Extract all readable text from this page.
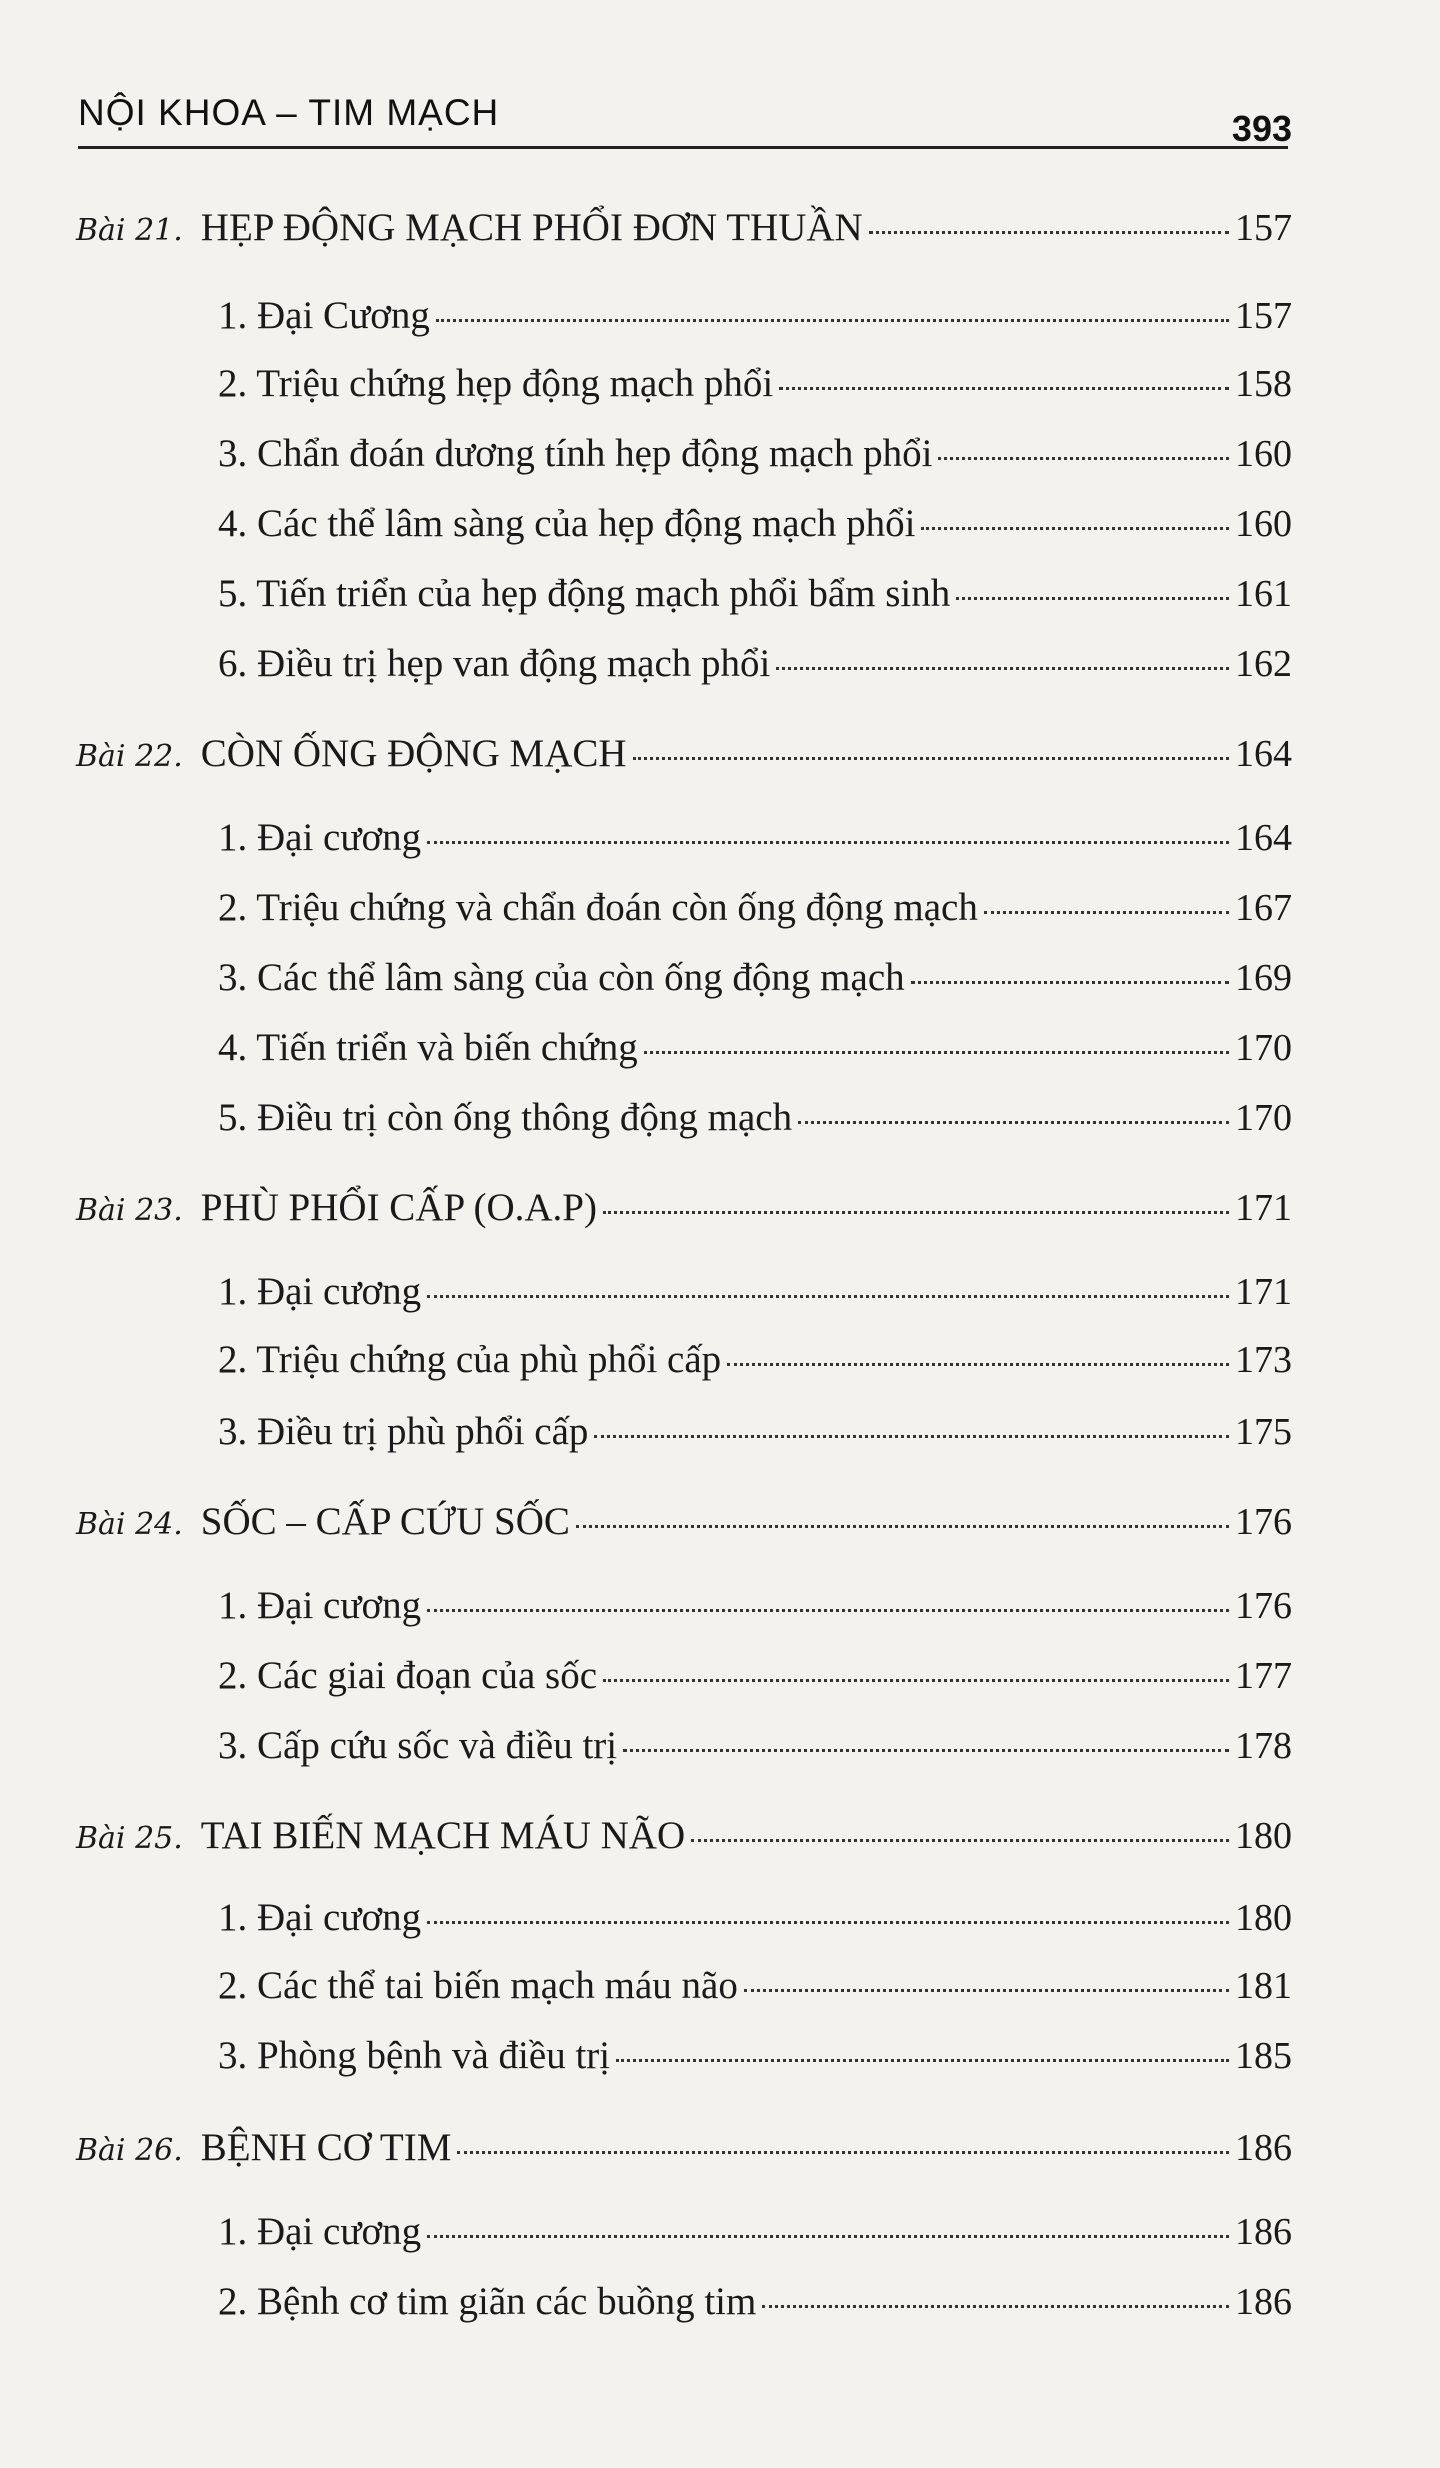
NỘI KHOA – TIM MẠCH	393
Bài 21. HẸP ĐỘNG MẠCH PHỔI ĐƠN THUẦN	157
1. Đại Cương	157
2. Triệu chứng hẹp động mạch phổi	158
3. Chẩn đoán dương tính hẹp động mạch phổi	160
4. Các thể lâm sàng của hẹp động mạch phổi	160
5. Tiến triển của hẹp động mạch phổi bẩm sinh	161
6. Điều trị hẹp van động mạch phổi	162
Bài 22. CÒN ỐNG ĐỘNG MẠCH	164
1. Đại cương	164
2. Triệu chứng và chẩn đoán còn ống động mạch	167
3. Các thể lâm sàng của còn ống động mạch	169
4. Tiến triển và biến chứng	170
5. Điều trị còn ống thông động mạch	170
Bài 23. PHÙ PHỔI CẤP (O.A.P)	171
1. Đại cương	171
2. Triệu chứng của phù phổi cấp	173
3. Điều trị phù phổi cấp	175
Bài 24. SỐC – CẤP CỨU SỐC	176
1. Đại cương	176
2. Các giai đoạn của sốc	177
3. Cấp cứu sốc và điều trị	178
Bài 25. TAI BIẾN MẠCH MÁU NÃO	180
1. Đại cương	180
2. Các thể tai biến mạch máu não	181
3. Phòng bệnh và điều trị	185
Bài 26. BỆNH CƠ TIM	186
1. Đại cương	186
2. Bệnh cơ tim giãn các buồng tim	186
